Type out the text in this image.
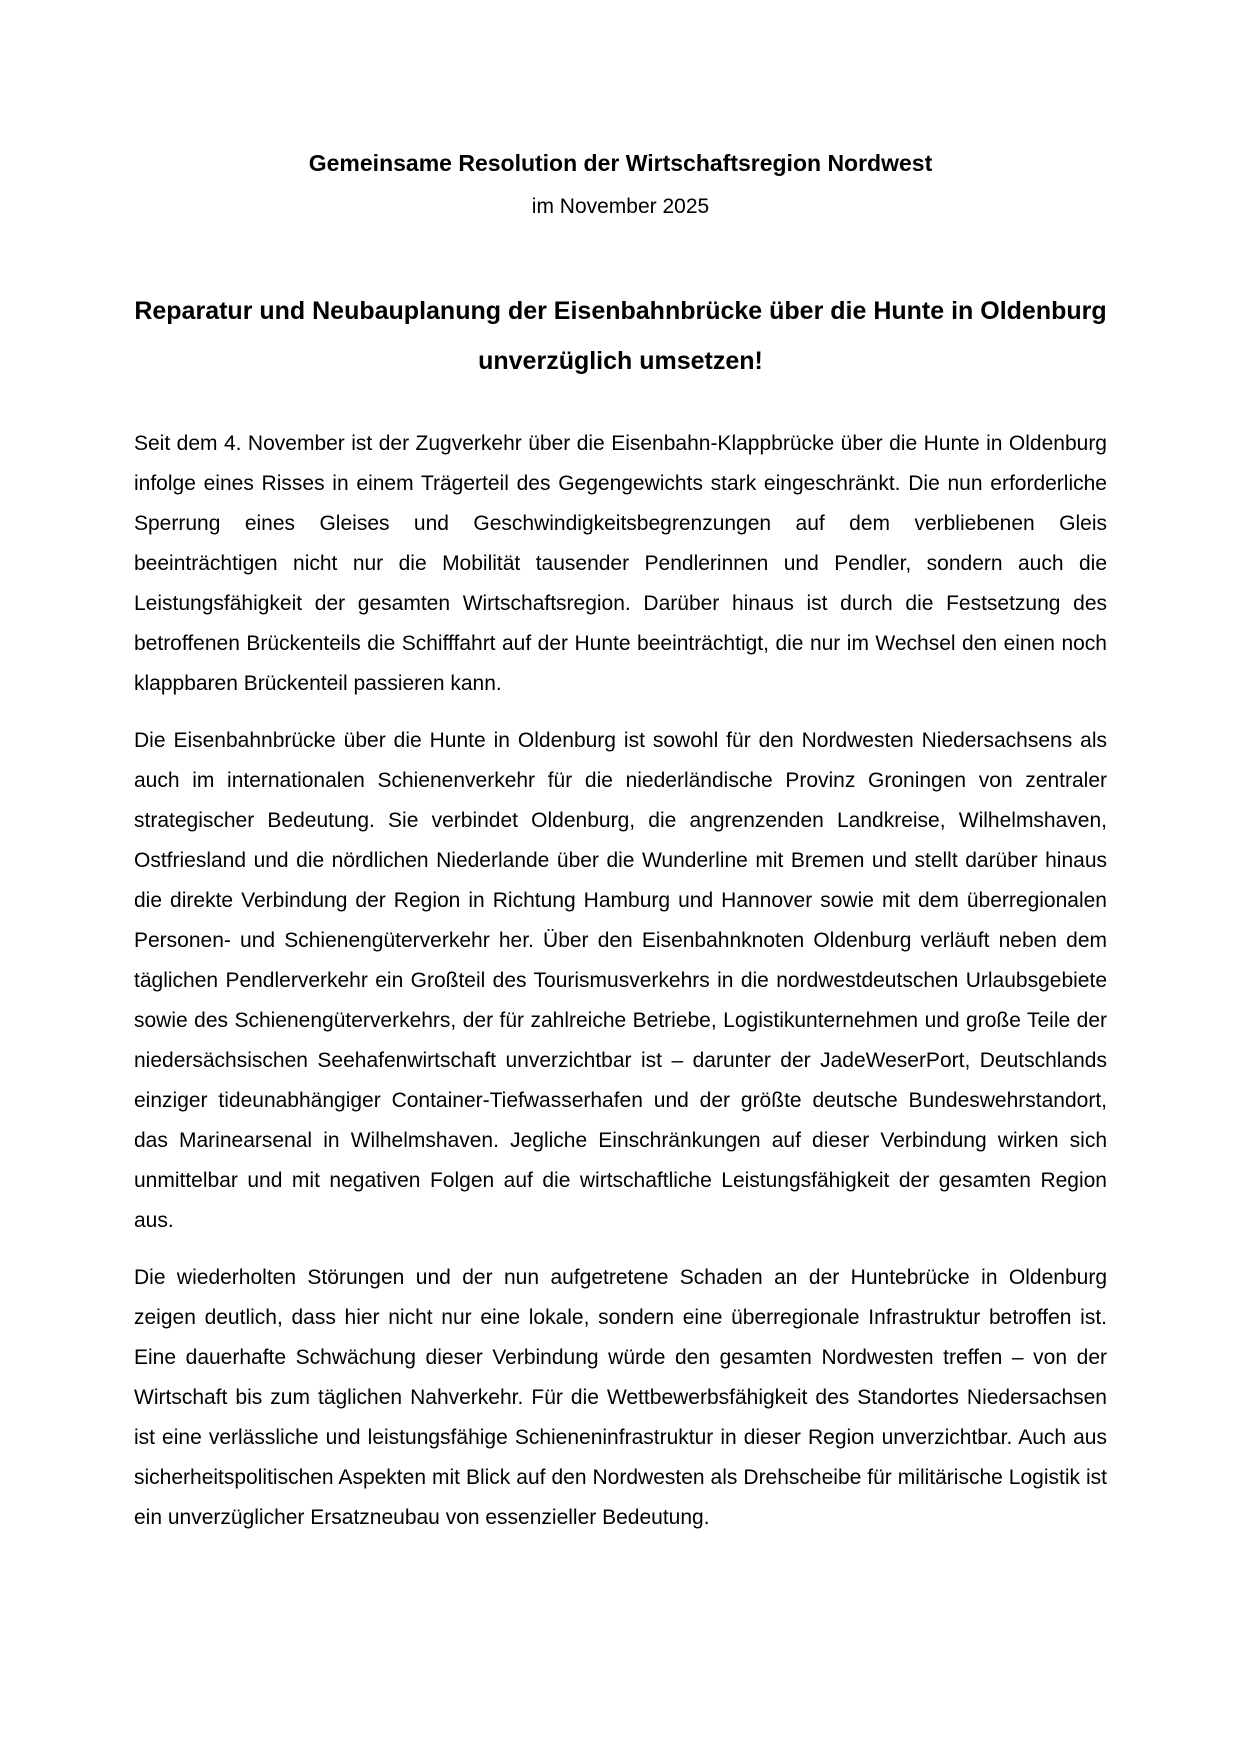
Gemeinsame Resolution der Wirtschaftsregion Nordwest

im November 2025

Reparatur und Neubauplanung der Eisenbahnbrücke über die Hunte in Oldenburg unverzüglich umsetzen!

Seit dem 4. November ist der Zugverkehr über die Eisenbahn-Klappbrücke über die Hunte in Oldenburg infolge eines Risses in einem Trägerteil des Gegengewichts stark eingeschränkt. Die nun erforderliche Sperrung eines Gleises und Geschwindigkeitsbegrenzungen auf dem verbliebenen Gleis beeinträchtigen nicht nur die Mobilität tausender Pendlerinnen und Pendler, sondern auch die Leistungsfähigkeit der gesamten Wirtschaftsregion. Darüber hinaus ist durch die Festsetzung des betroffenen Brückenteils die Schifffahrt auf der Hunte beeinträchtigt, die nur im Wechsel den einen noch klappbaren Brückenteil passieren kann.

Die Eisenbahnbrücke über die Hunte in Oldenburg ist sowohl für den Nordwesten Niedersachsens als auch im internationalen Schienenverkehr für die niederländische Provinz Groningen von zentraler strategischer Bedeutung. Sie verbindet Oldenburg, die angrenzenden Landkreise, Wilhelmshaven, Ostfriesland und die nördlichen Niederlande über die Wunderline mit Bremen und stellt darüber hinaus die direkte Verbindung der Region in Richtung Hamburg und Hannover sowie mit dem überregionalen Personen- und Schienengüterverkehr her. Über den Eisenbahnknoten Oldenburg verläuft neben dem täglichen Pendlerverkehr ein Großteil des Tourismusverkehrs in die nordwestdeutschen Urlaubsgebiete sowie des Schienengüterverkehrs, der für zahlreiche Betriebe, Logistikunternehmen und große Teile der niedersächsischen Seehafenwirtschaft unverzichtbar ist – darunter der JadeWeserPort, Deutschlands einziger tideunabhängiger Container-Tiefwasserhafen und der größte deutsche Bundeswehrstandort, das Marinearsenal in Wilhelmshaven. Jegliche Einschränkungen auf dieser Verbindung wirken sich unmittelbar und mit negativen Folgen auf die wirtschaftliche Leistungsfähigkeit der gesamten Region aus.

Die wiederholten Störungen und der nun aufgetretene Schaden an der Huntebrücke in Oldenburg zeigen deutlich, dass hier nicht nur eine lokale, sondern eine überregionale Infrastruktur betroffen ist. Eine dauerhafte Schwächung dieser Verbindung würde den gesamten Nordwesten treffen – von der Wirtschaft bis zum täglichen Nahverkehr. Für die Wettbewerbsfähigkeit des Standortes Niedersachsen ist eine verlässliche und leistungsfähige Schieneninfrastruktur in dieser Region unverzichtbar. Auch aus sicherheitspolitischen Aspekten mit Blick auf den Nordwesten als Drehscheibe für militärische Logistik ist ein unverzüglicher Ersatzneubau von essenzieller Bedeutung.
